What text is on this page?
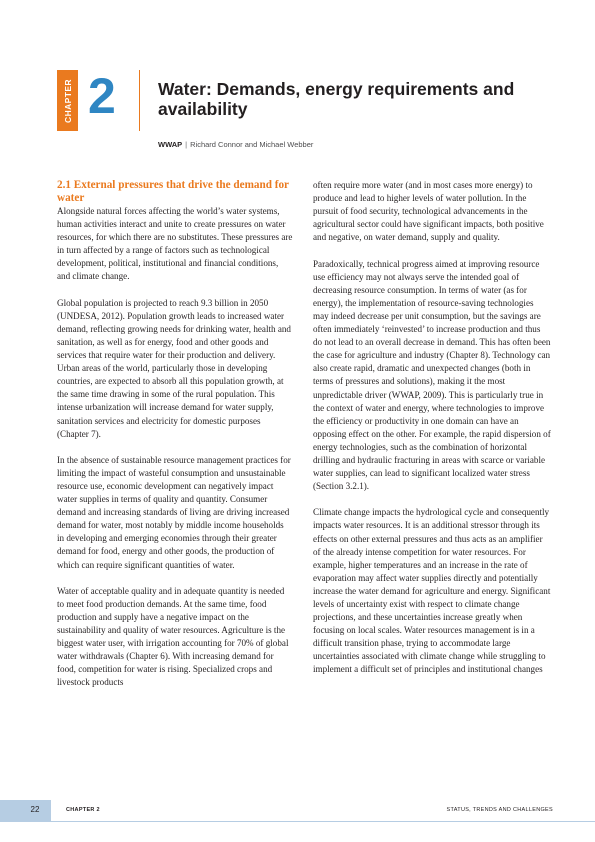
CHAPTER 2 Water: Demands, energy requirements and availability
WWAP | Richard Connor and Michael Webber
2.1 External pressures that drive the demand for water

Alongside natural forces affecting the world’s water systems, human activities interact and unite to create pressures on water resources, for which there are no substitutes. These pressures are in turn affected by a range of factors such as technological development, political, institutional and financial conditions, and climate change.

Global population is projected to reach 9.3 billion in 2050 (UNDESA, 2012). Population growth leads to increased water demand, reflecting growing needs for drinking water, health and sanitation, as well as for energy, food and other goods and services that require water for their production and delivery. Urban areas of the world, particularly those in developing countries, are expected to absorb all this population growth, at the same time drawing in some of the rural population. This intense urbanization will increase demand for water supply, sanitation services and electricity for domestic purposes (Chapter 7).

In the absence of sustainable resource management practices for limiting the impact of wasteful consumption and unsustainable resource use, economic development can negatively impact water supplies in terms of quality and quantity. Consumer demand and increasing standards of living are driving increased demand for water, most notably by middle income households in developing and emerging economies through their greater demand for food, energy and other goods, the production of which can require significant quantities of water.

Water of acceptable quality and in adequate quantity is needed to meet food production demands. At the same time, food production and supply have a negative impact on the sustainability and quality of water resources. Agriculture is the biggest water user, with irrigation accounting for 70% of global water withdrawals (Chapter 6). With increasing demand for food, competition for water is rising. Specialized crops and livestock products

often require more water (and in most cases more energy) to produce and lead to higher levels of water pollution. In the pursuit of food security, technological advancements in the agricultural sector could have significant impacts, both positive and negative, on water demand, supply and quality.

Paradoxically, technical progress aimed at improving resource use efficiency may not always serve the intended goal of decreasing resource consumption. In terms of water (as for energy), the implementation of resource-saving technologies may indeed decrease per unit consumption, but the savings are often immediately ‘reinvested’ to increase production and thus do not lead to an overall decrease in demand. This has often been the case for agriculture and industry (Chapter 8). Technology can also create rapid, dramatic and unexpected changes (both in terms of pressures and solutions), making it the most unpredictable driver (WWAP, 2009). This is particularly true in the context of water and energy, where technologies to improve the efficiency or productivity in one domain can have an opposing effect on the other. For example, the rapid dispersion of energy technologies, such as the combination of horizontal drilling and hydraulic fracturing in areas with scarce or variable water supplies, can lead to significant localized water stress (Section 3.2.1).

Climate change impacts the hydrological cycle and consequently impacts water resources. It is an additional stressor through its effects on other external pressures and thus acts as an amplifier of the already intense competition for water resources. For example, higher temperatures and an increase in the rate of evaporation may affect water supplies directly and potentially increase the water demand for agriculture and energy. Significant levels of uncertainty exist with respect to climate change projections, and these uncertainties increase greatly when focusing on local scales. Water resources management is in a difficult transition phase, trying to accommodate large uncertainties associated with climate change while struggling to implement a difficult set of principles and institutional changes

22	CHAPTER 2	STATUS, TRENDS AND CHALLENGES
